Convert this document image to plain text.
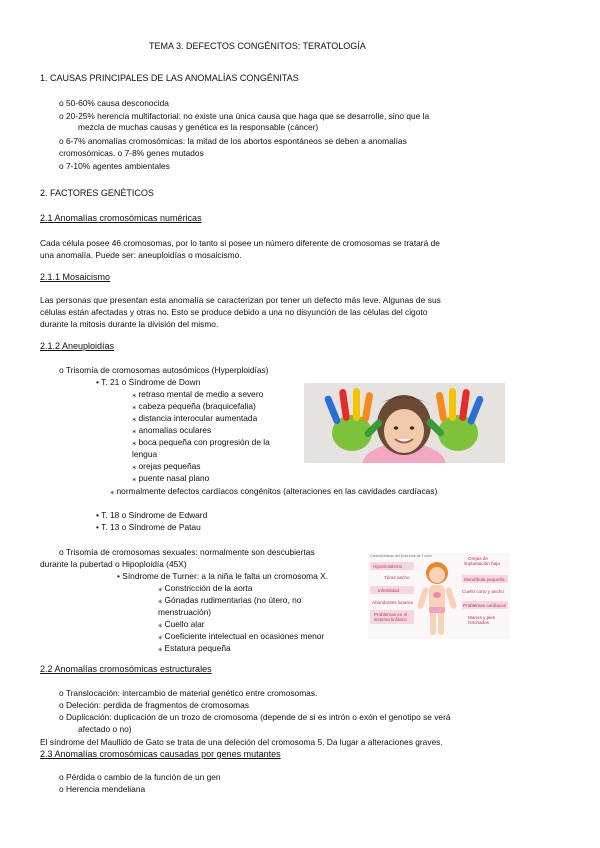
TEMA 3. DEFECTOS CONGÉNITOS: TERATOLOGÍA
1. CAUSAS PRINCIPALES DE LAS ANOMALÍAS CONGÉNITAS
o 50-60% causa desconocida
o 20-25% herencia multifactorial: no existe una única causa que haga que se desarrolle, sino que la
mezcla de muchas causas y genética es la responsable (cáncer)
o 6-7% anomalías cromosómicas: la mitad de los abortos espontáneos se deben a anomalías
cromosómicas. o 7-8% genes mutados
o 7-10% agentes ambientales
2. FACTORES GENÉTICOS
2.1 Anomalías cromosómicas numéricas
Cada célula posee 46 cromosomas, por lo tanto si posee un número diferente de cromosomas se tratará de
una anomalía. Puede ser: aneuploidías o mosaicismo.
2.1.1 Mosaicismo
Las personas que presentan esta anomalía se caracterizan por tener un defecto más leve. Algunas de sus
células están afectadas y otras no. Esto se produce debido a una no disyunción de las células del cigoto
durante la mitosis durante la división del mismo.
2.1.2 Aneuploidías
o Trisomía de cromosomas autosómicos (Hyperploidías)
• T. 21 o Síndrome de Down
⁎ retraso mental de medio a severo
⁎ cabeza pequeña (braquicefalia)
⁎ distancia interocular aumentada
⁎ anomalías oculares
⁎ boca pequeña con progresión de la
lengua
⁎ orejas pequeñas
⁎ puente nasal plano
⁎ normalmente defectos cardíacos congénitos (alteraciones en las cavidades cardíacas)
• T. 18 o Síndrome de Edward
• T. 13 o Síndrome de Patau
o Trisomía de cromosomas sexuales: normalmente son descubiertas
durante la pubertad o Hipoploidía (45X)
• Síndrome de Turner: a la niña le falta un cromosoma X.
⁎ Constricción de la aorta
⁎ Gónadas rudimentarias (no útero, no
menstruación)
⁎ Cuello alar
⁎ Coeficiente intelectual en ocasiones menor
⁎ Estatura pequeña
Características del síndrome de Turner
Hipotiroidismo
Tórax ancho
Infertilidad
Abundantes lunares
Problemas en el
sistema linfático
Orejas de
implantación baja
Mandíbula pequeña
Cuello corto y ancho
Problemas cardiacos
Manos y pies
hinchados
2.2 Anomalías cromosómicas estructurales
o Translocación: intercambio de material genético entre cromosomas.
o Deleción: perdida de fragmentos de cromosomas
o Duplicación: duplicación de un trozo de cromosoma (depende de si es intrón o exón el genotipo se verá
afectado o no)
El síndrome del Maullido de Gato se trata de una deleción del cromosoma 5. Da lugar a alteraciones graves.
2.3 Anomalías cromosómicas causadas por genes mutantes
o Pérdida o cambio de la función de un gen
o Herencia mendeliana
